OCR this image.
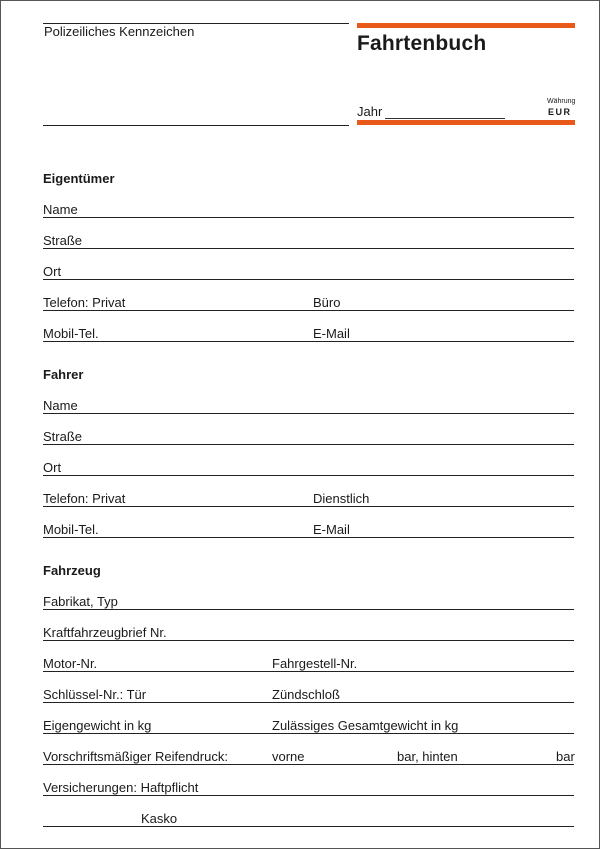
Polizeiliches Kennzeichen
Fahrtenbuch
Jahr
Währung
EUR
Eigentümer
Name
Straße
Ort
Telefon: Privat	Büro
Mobil-Tel.	E-Mail
Fahrer
Name
Straße
Ort
Telefon: Privat	Dienstlich
Mobil-Tel.	E-Mail
Fahrzeug
Fabrikat, Typ
Kraftfahrzeugbrief Nr.
Motor-Nr.	Fahrgestell-Nr.
Schlüssel-Nr.: Tür	Zündschloß
Eigengewicht in kg	Zulässiges Gesamtgewicht in kg
Vorschriftsmäßiger Reifendruck:	vorne	bar, hinten	bar
Versicherungen: Haftpflicht
Kasko
